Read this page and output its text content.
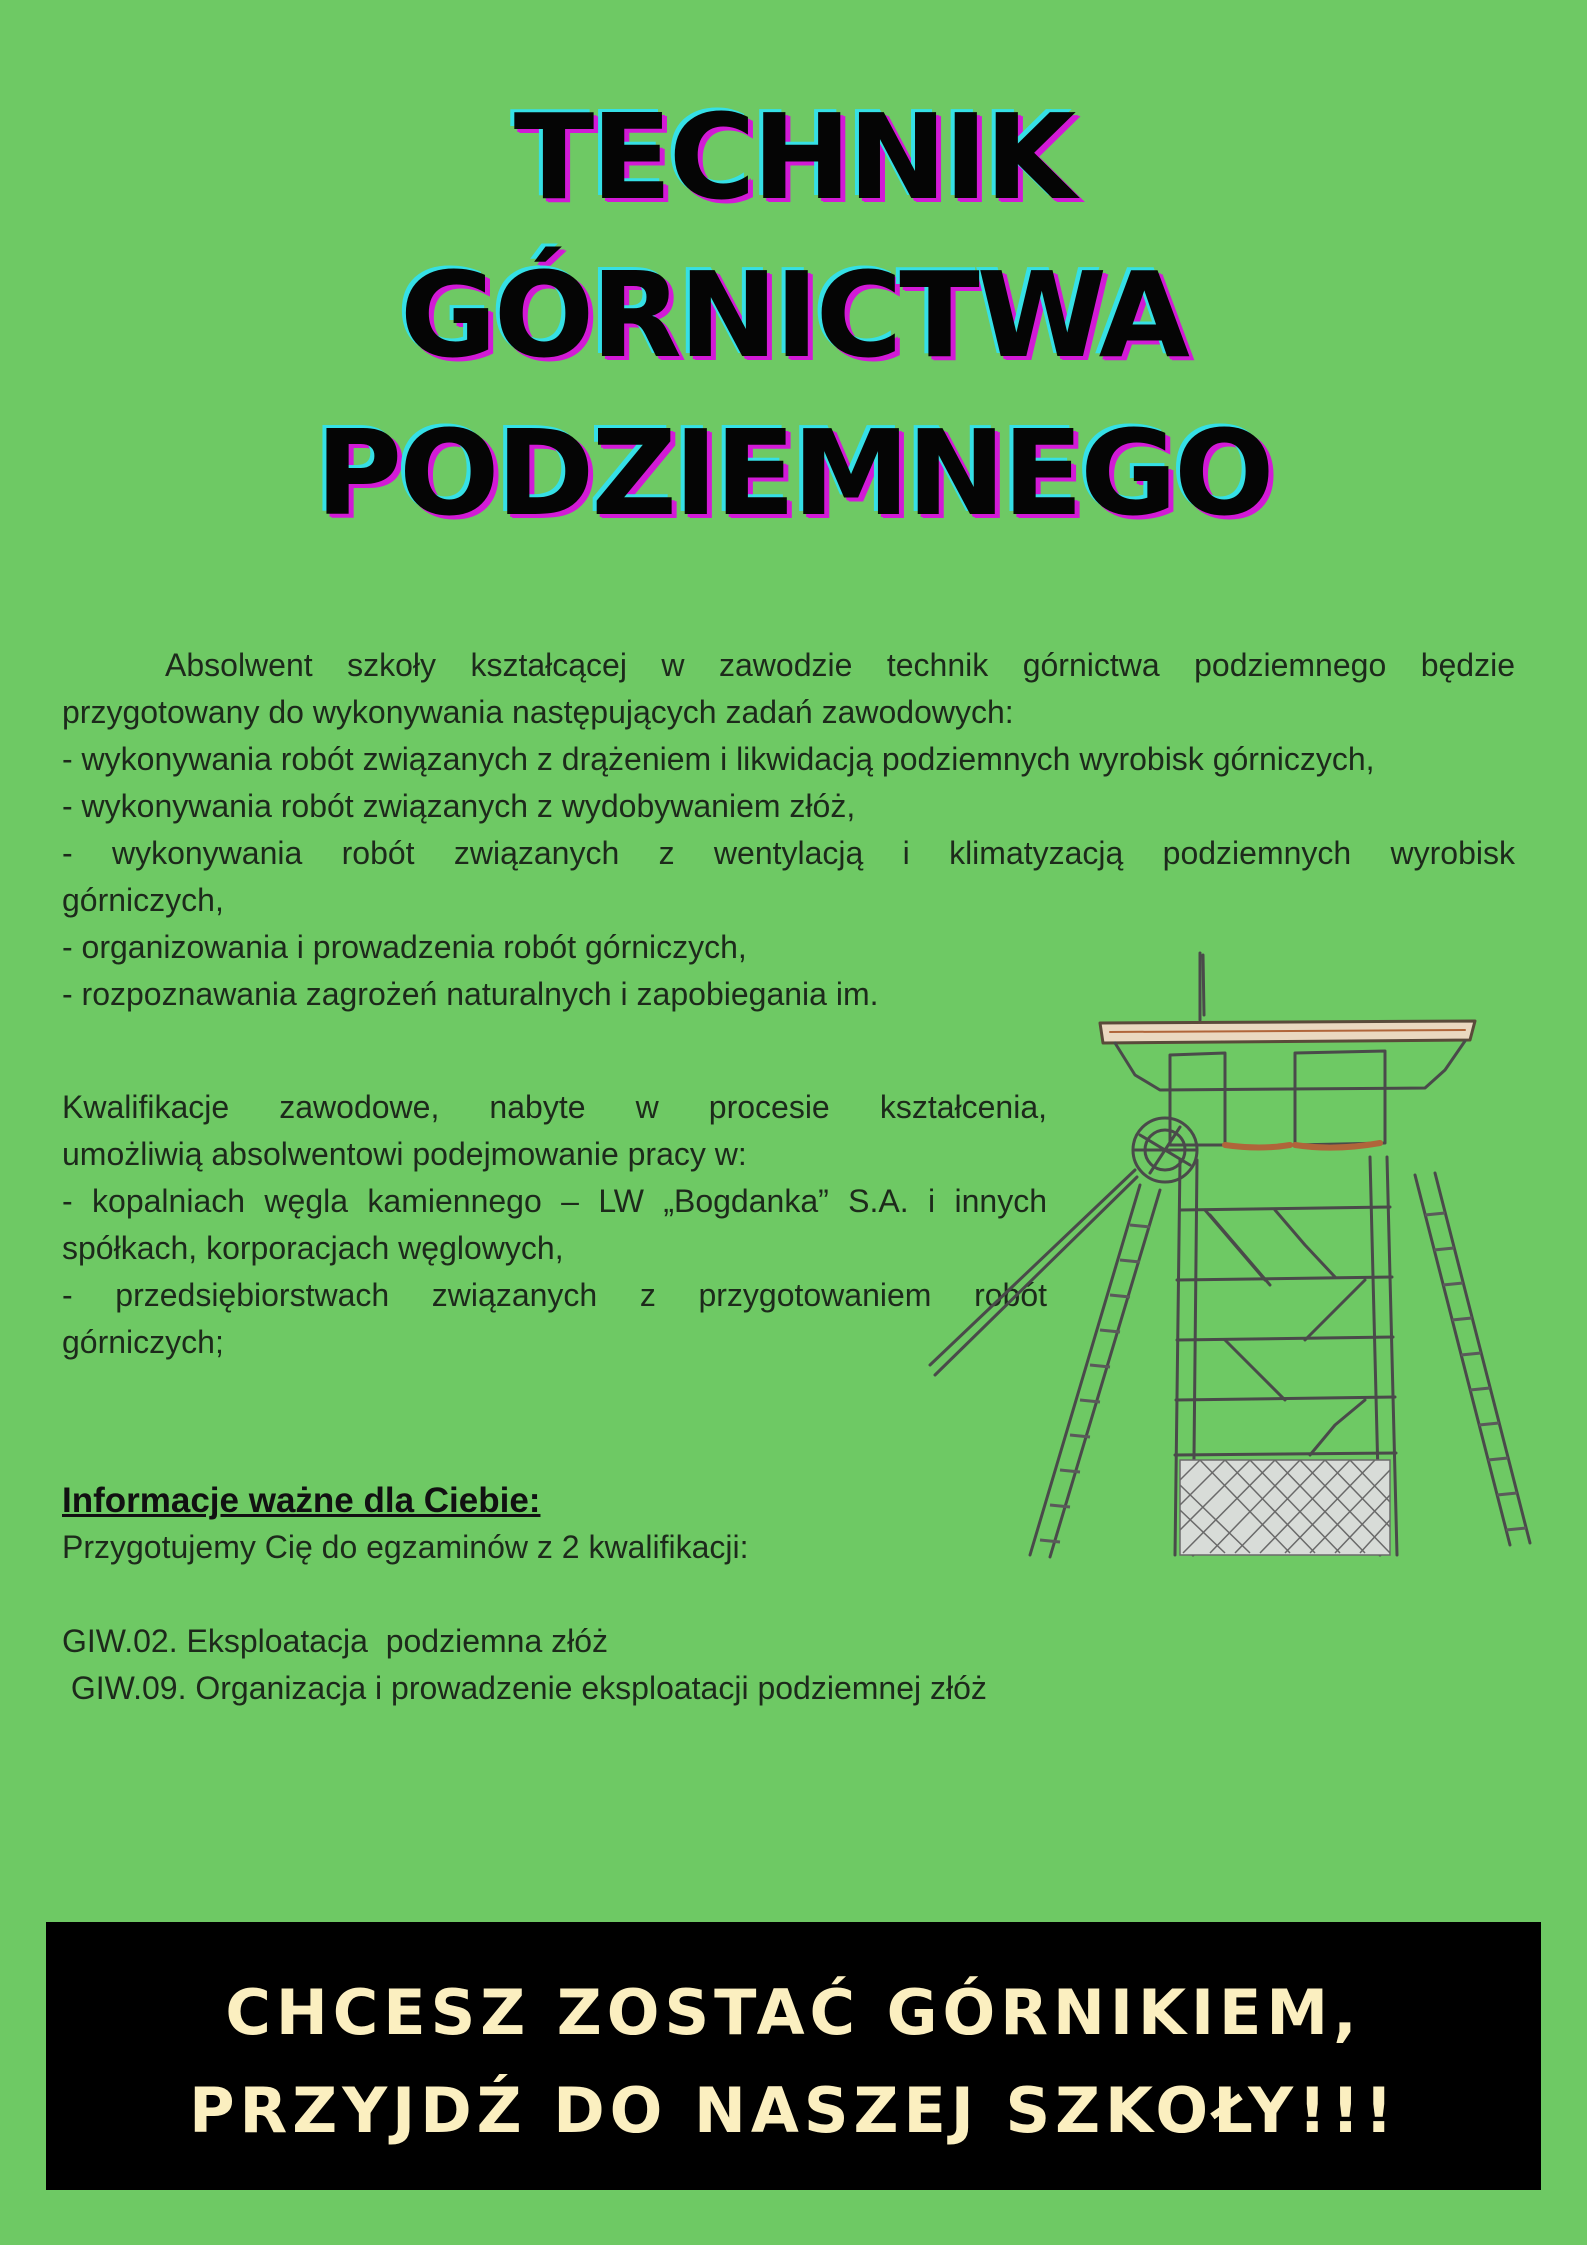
TECHNIK
GÓRNICTWA
PODZIEMNEGO
Absolwent szkoły kształcącej w zawodzie technik górnictwa podziemnego będzie
przygotowany do wykonywania następujących zadań zawodowych:
- wykonywania robót związanych z drążeniem i likwidacją podziemnych wyrobisk górniczych,
- wykonywania robót związanych z wydobywaniem złóż,
- wykonywania robót związanych z wentylacją i klimatyzacją podziemnych wyrobisk
górniczych,
- organizowania i prowadzenia robót górniczych,
- rozpoznawania zagrożeń naturalnych i zapobiegania im.
Kwalifikacje zawodowe, nabyte w procesie kształcenia,
umożliwią absolwentowi podejmowanie pracy w:
- kopalniach węgla kamiennego – LW „Bogdanka” S.A. i innych
spółkach, korporacjach węglowych,
- przedsiębiorstwach związanych z przygotowaniem robót
górniczych;
Informacje ważne dla Ciebie:
Przygotujemy Cię do egzaminów z 2 kwalifikacji:
GIW.02. Eksploatacja  podziemna złóż
GIW.09. Organizacja i prowadzenie eksploatacji podziemnej złóż
CHCESZ ZOSTAĆ GÓRNIKIEM,
PRZYJDŹ DO NASZEJ SZKOŁY!!!
